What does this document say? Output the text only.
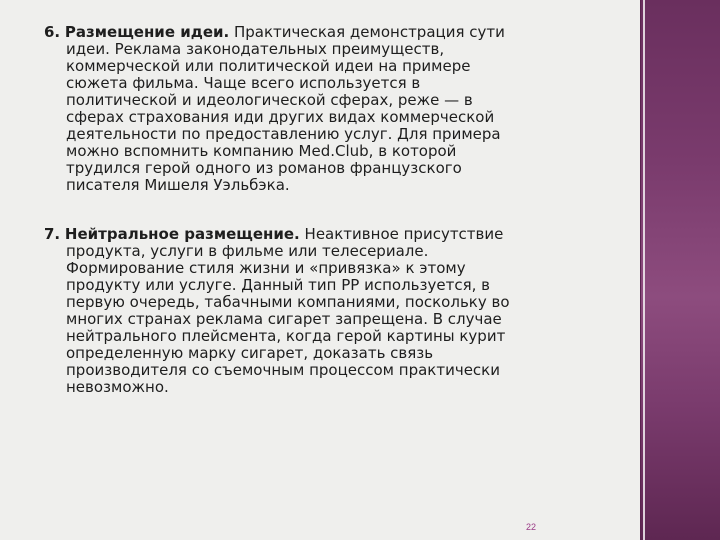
6. Размещение идеи. Практическая демонстрация сути
идеи. Реклама законодательных преимуществ,
коммерческой или политической идеи на примере
сюжета фильма. Чаще всего используется в
политической и идеологической сферах, реже — в
сферах страхования иди других видах коммерческой
деятельности по предоставлению услуг. Для примера
можно вспомнить компанию Med.Club, в которой
трудился герой одного из романов французского
писателя Мишеля Уэльбэка.
7. Нейтральное размещение. Неактивное присутствие
продукта, услуги в фильме или телесериале.
Формирование стиля жизни и «привязка» к этому
продукту или услуге. Данный тип PP используется, в
первую очередь, табачными компаниями, поскольку во
многих странах реклама сигарет запрещена. В случае
нейтрального плейсмента, когда герой картины курит
определенную марку сигарет, доказать связь
производителя со съемочным процессом практически
невозможно.
22
